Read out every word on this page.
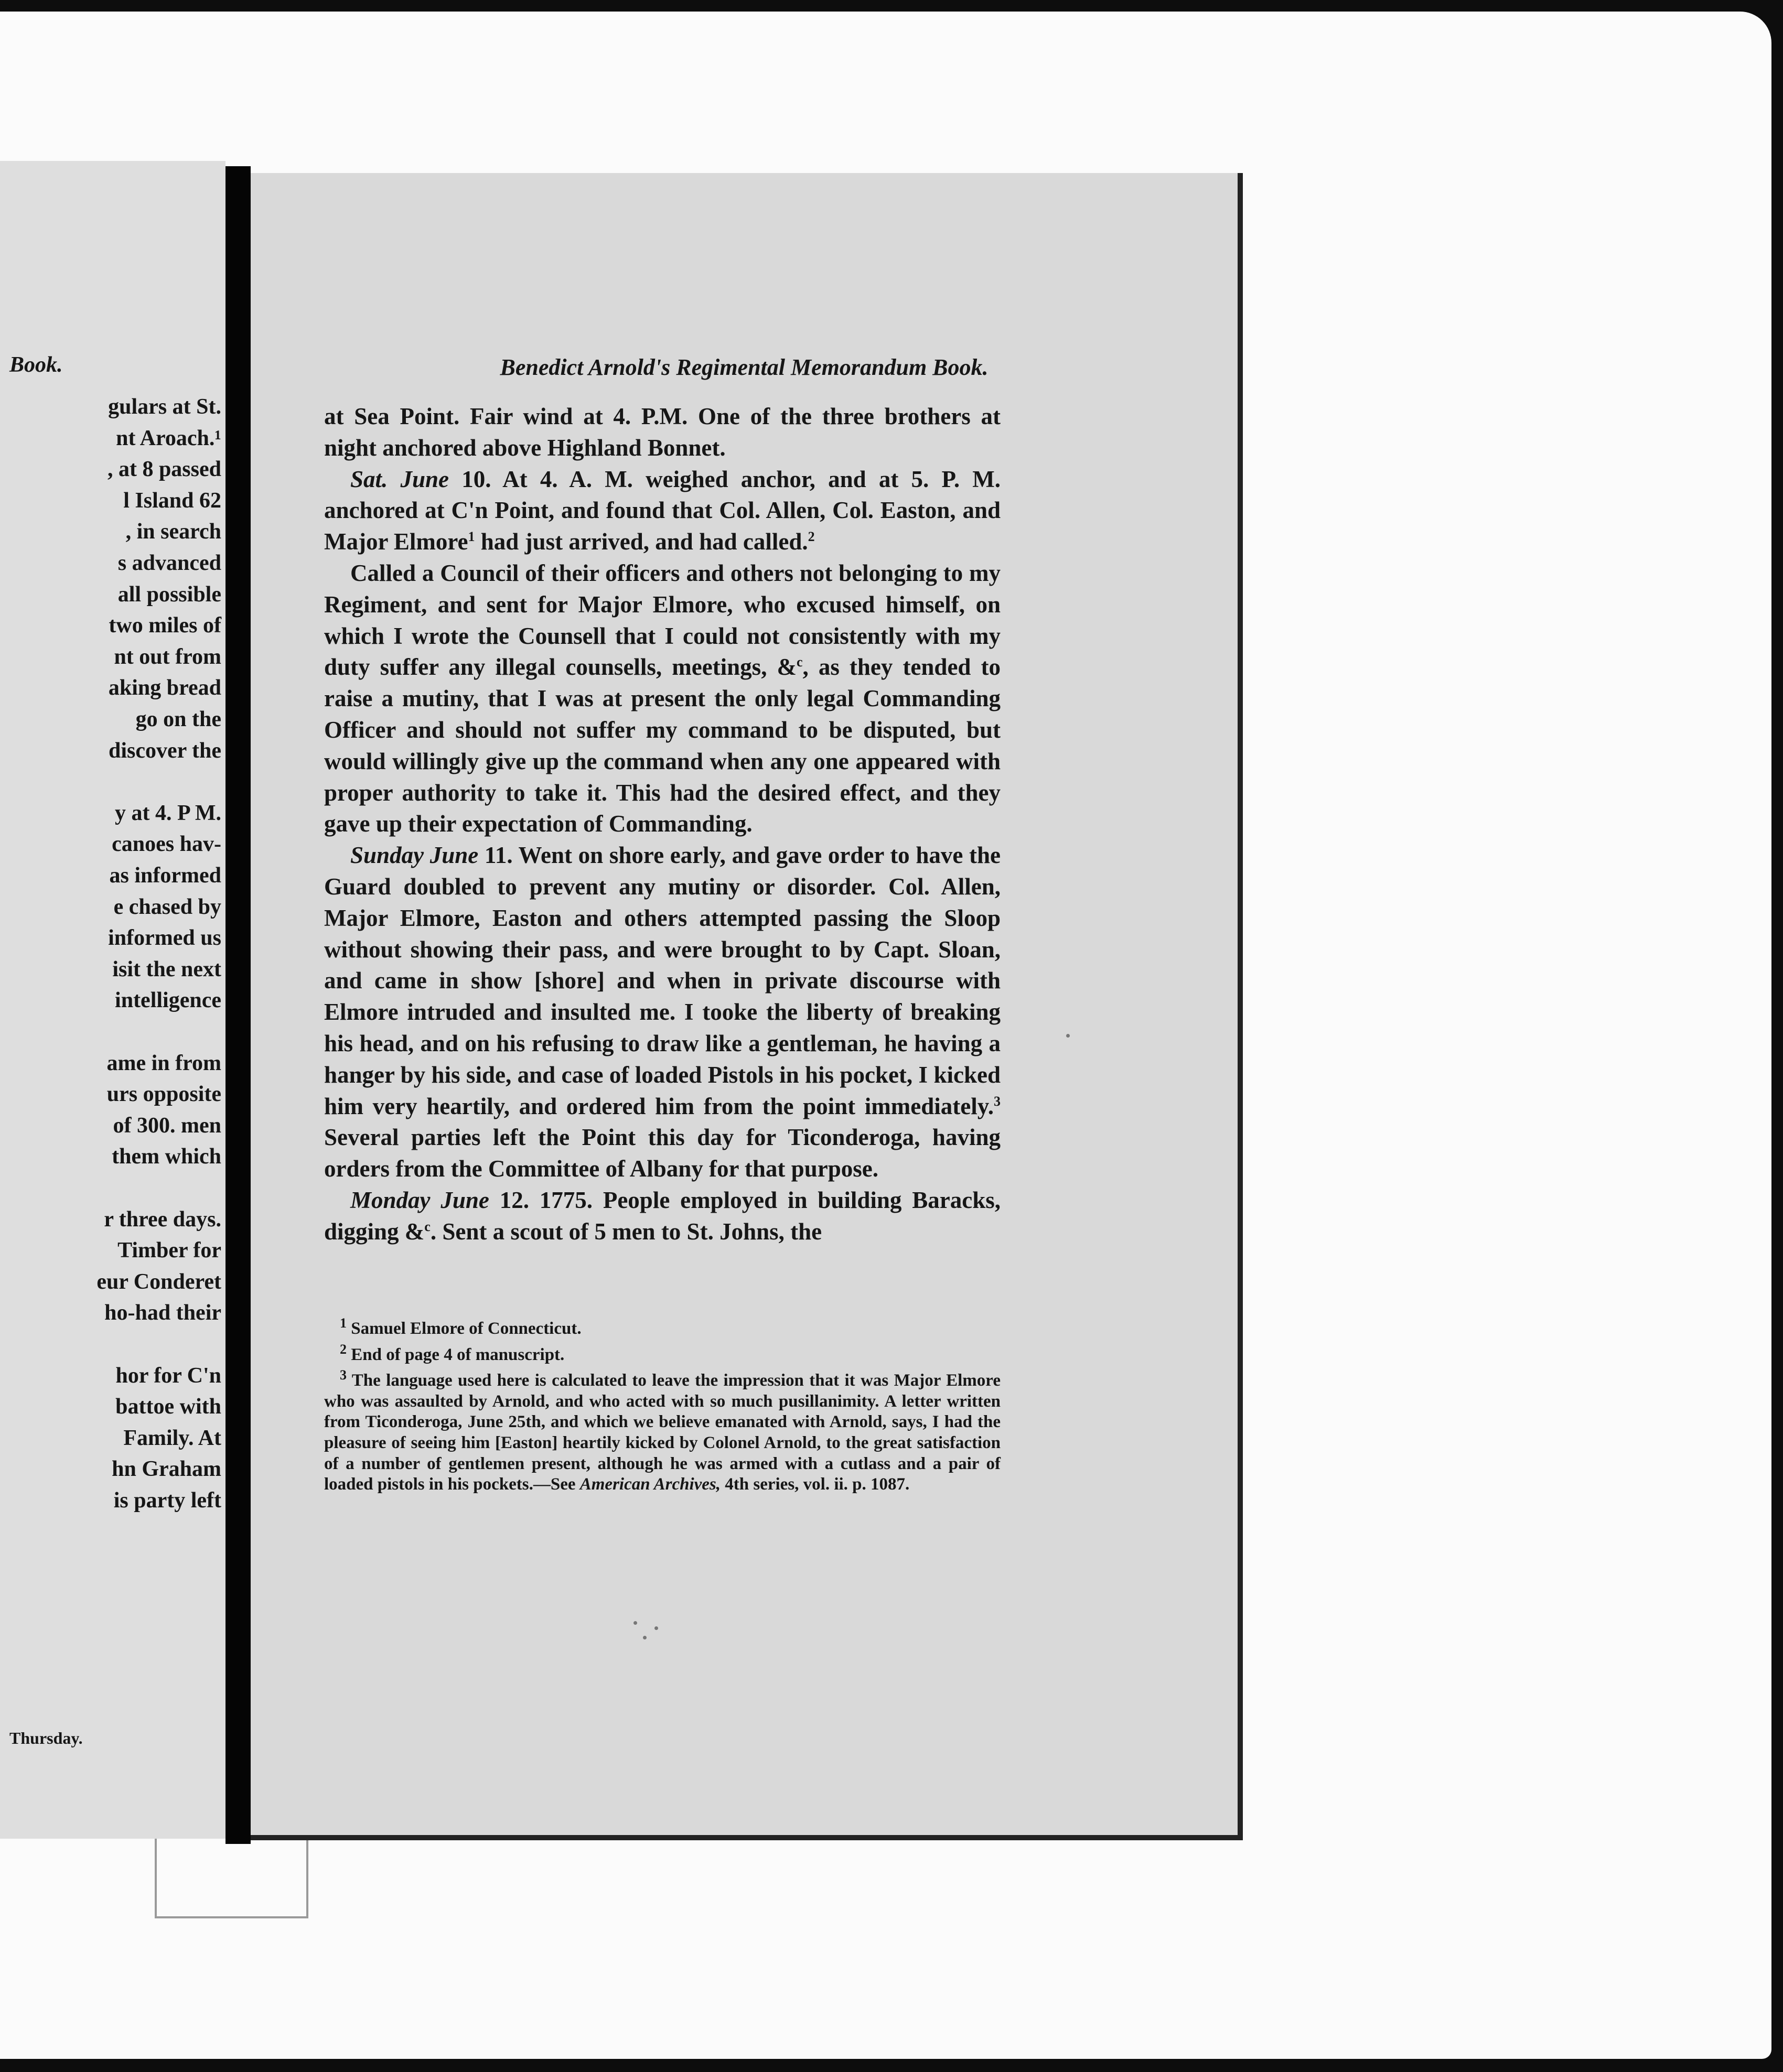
Book.
gulars at St.
nt Aroach.¹
, at 8 passed
l Island 62
, in search
s advanced
all possible
two miles of
nt out from
aking bread
go on the
discover the
y at 4. P M.
canoes hav-
as informed
e chased by
informed us
isit the next
intelligence
ame in from
urs opposite
of 300. men
them which
r three days.
Timber for
eur Conderet
ho-had their
hor for C'n
battoe with
Family. At
hn Graham
is party left
Thursday.
Benedict Arnold's Regimental Memorandum Book.

at Sea Point. Fair wind at 4. P.M. One of the three brothers at night anchored above Highland Bonnet.

Sat. June 10. At 4. A. M. weighed anchor, and at 5. P. M. anchored at C'n Point, and found that Col. Allen, Col. Easton, and Major Elmore$^1$ had just arrived, and had called.$^2$

Called a Council of their officers and others not belonging to my Regiment, and sent for Major Elmore, who excused himself, on which I wrote the Counsell that I could not consistently with my duty suffer any illegal counsells, meetings, &$^c$, as they tended to raise a mutiny, that I was at present the only legal Commanding Officer and should not suffer my command to be disputed, but would willingly give up the command when any one appeared with proper authority to take it. This had the desired effect, and they gave up their expectation of Commanding.

Sunday June 11. Went on shore early, and gave order to have the Guard doubled to prevent any mutiny or disorder. Col. Allen, Major Elmore, Easton and others attempted passing the Sloop without showing their pass, and were brought to by Capt. Sloan, and came in show [shore] and when in private discourse with Elmore intruded and insulted me. I tooke the liberty of breaking his head, and on his refusing to draw like a gentleman, he having a hanger by his side, and case of loaded Pistols in his pocket, I kicked him very heartily, and ordered him from the point immediately.$^3$ Several parties left the Point this day for Ticonderoga, having orders from the Committee of Albany for that purpose.

Monday June 12. 1775. People employed in building Baracks, digging &$^c$. Sent a scout of 5 men to St. Johns, the

$^1$ Samuel Elmore of Connecticut.

$^2$ End of page 4 of manuscript.

$^3$ The language used here is calculated to leave the impression that it was Major Elmore who was assaulted by Arnold, and who acted with so much pusillanimity. A letter written from Ticonderoga, June 25th, and which we believe emanated with Arnold, says, I had the pleasure of seeing him [Easton] heartily kicked by Colonel Arnold, to the great satisfaction of a number of gentlemen present, although he was armed with a cutlass and a pair of loaded pistols in his pockets.—See American Archives, 4th series, vol. ii. p. 1087.
